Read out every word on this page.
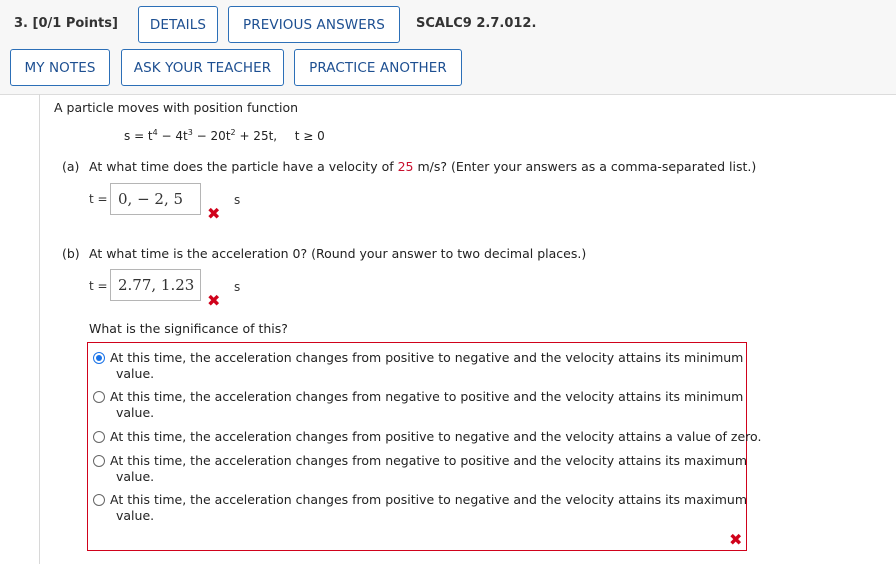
3. [0/1 Points]	DETAILS	PREVIOUS ANSWERS	SCALC9 2.7.012.
MY NOTES	ASK YOUR TEACHER	PRACTICE ANOTHER
A particle moves with position function
$s = t^4 - 4t^3 - 20t^2 + 25t$, t ≥ 0
(a) At what time does the particle have a velocity of 25 m/s? (Enter your answers as a comma-separated list.)
t = 0, − 2, 5	s
✖
(b) At what time is the acceleration 0? (Round your answer to two decimal places.)
t = 2.77, 1.23	s
✖
What is the significance of this?
At this time, the acceleration changes from positive to negative and the velocity attains its minimum
value.
At this time, the acceleration changes from negative to positive and the velocity attains its minimum
value.
At this time, the acceleration changes from positive to negative and the velocity attains a value of zero.
At this time, the acceleration changes from negative to positive and the velocity attains its maximum
value.
At this time, the acceleration changes from positive to negative and the velocity attains its maximum
value.
✖
